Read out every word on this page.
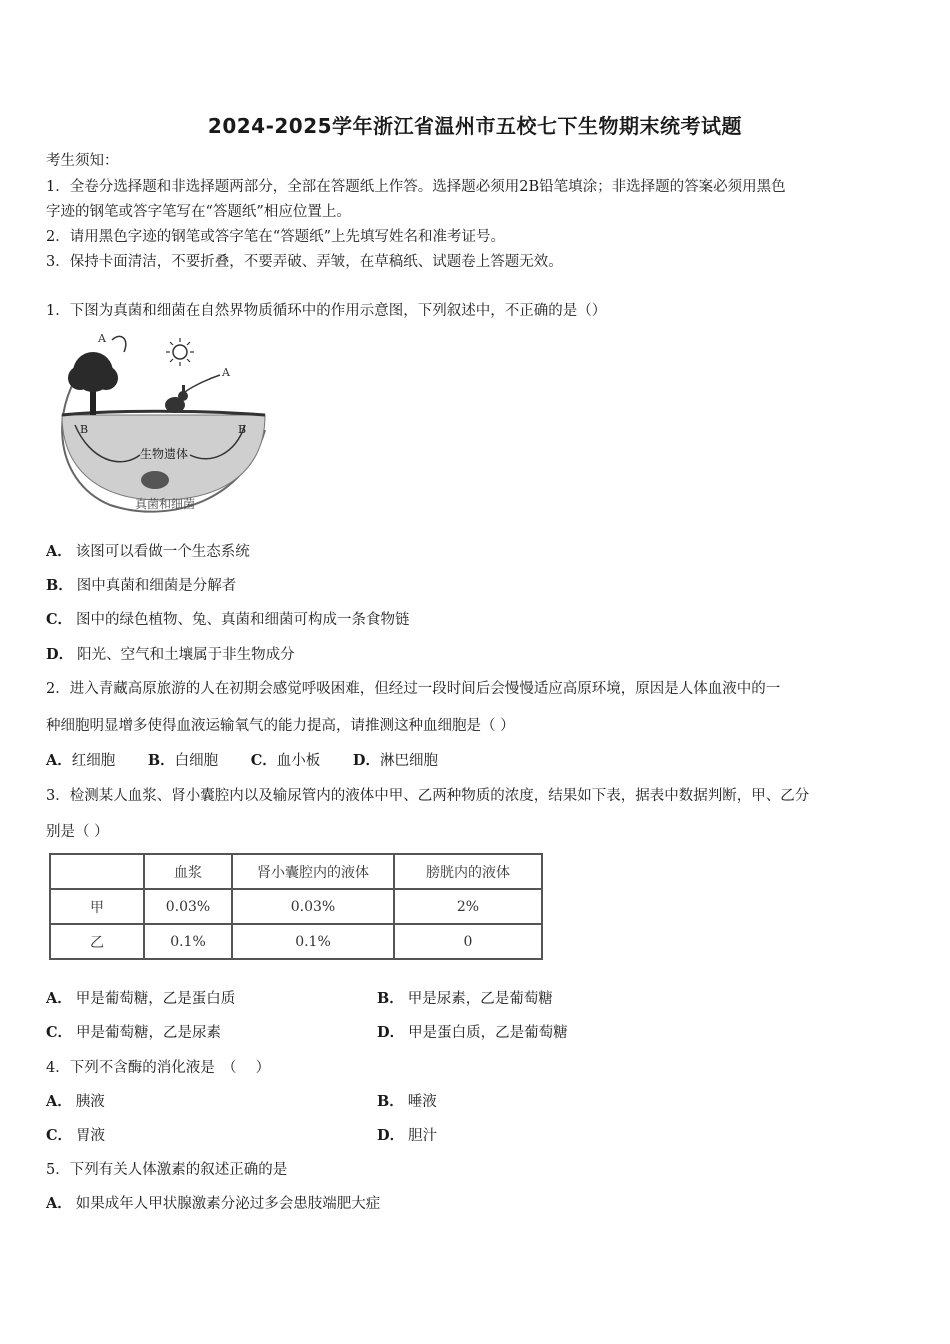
2024-2025学年浙江省温州市五校七下生物期末统考试题
考生须知：
1．全卷分选择题和非选择题两部分，全部在答题纸上作答。选择题必须用2B铅笔填涂；非选择题的答案必须用黑色
字迹的钢笔或答字笔写在“答题纸”相应位置上。
2．请用黑色字迹的钢笔或答字笔在“答题纸”上先填写姓名和准考证号。
3．保持卡面清洁，不要折叠，不要弄破、弄皱，在草稿纸、试题卷上答题无效。
1．下图为真菌和细菌在自然界物质循环中的作用示意图，下列叙述中，不正确的是（）
A
A
B	B
生物遗体
真菌和细菌
A． 该图可以看做一个生态系统
B． 图中真菌和细菌是分解者
C． 图中的绿色植物、兔、真菌和细菌可构成一条食物链
D． 阳光、空气和土壤属于非生物成分
2．进入青藏高原旅游的人在初期会感觉呼吸困难，但经过一段时间后会慢慢适应高原环境，原因是人体血液中的一
种细胞明显增多使得血液运输氧气的能力提高，请推测这种血细胞是（ ）
A．红细胞 B．白细胞 C．血小板 D．淋巴细胞
3．检测某人血浆、肾小囊腔内以及输尿管内的液体中甲、乙两种物质的浓度，结果如下表，据表中数据判断，甲、乙分
别是（ ）
	血浆	肾小囊腔内的液体	膀胱内的液体
甲	0.03%	0.03%	2%
乙	0.1%	0.1%	0
A． 甲是葡萄糖，乙是蛋白质	B． 甲是尿素，乙是葡萄糖
C． 甲是葡萄糖，乙是尿素	D． 甲是蛋白质，乙是葡萄糖
4．下列不含酶的消化液是　（　 ）
A． 胰液	B． 唾液
C． 胃液	D． 胆汁
5．下列有关人体激素的叙述正确的是
A． 如果成年人甲状腺激素分泌过多会患肢端肥大症
